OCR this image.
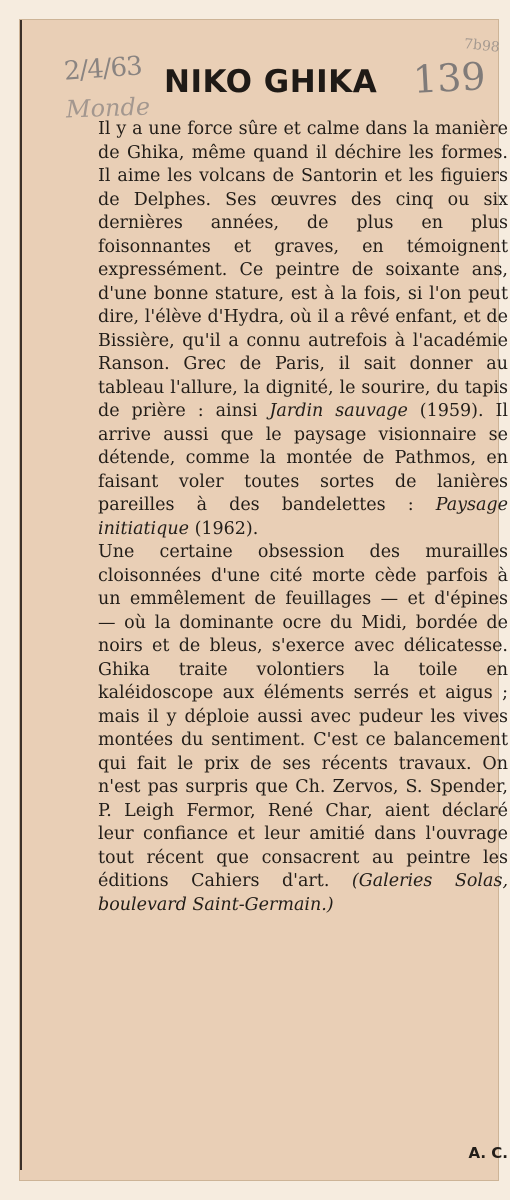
2/4/63
Monde
139
7b98
NIKO GHIKA

Il y a une force sûre et calme dans la manière de Ghika, même quand il déchire les formes. Il aime les volcans de Santorin et les figuiers de Delphes. Ses œuvres des cinq ou six dernières années, de plus en plus foisonnantes et graves, en témoignent expressément. Ce peintre de soixante ans, d'une bonne stature, est à la fois, si l'on peut dire, l'élève d'Hydra, où il a rêvé enfant, et de Bissière, qu'il a connu autrefois à l'académie Ranson. Grec de Paris, il sait donner au tableau l'allure, la dignité, le sourire, du tapis de prière : ainsi Jardin sauvage (1959). Il arrive aussi que le paysage visionnaire se détende, comme la montée de Pathmos, en faisant voler toutes sortes de lanières pareilles à des bandelettes : Paysage initiatique (1962).

Une certaine obsession des murailles cloisonnées d'une cité morte cède parfois à un emmêlement de feuillages — et d'épines — où la dominante ocre du Midi, bordée de noirs et de bleus, s'exerce avec délicatesse. Ghika traite volontiers la toile en kaléidoscope aux éléments serrés et aigus ; mais il y déploie aussi avec pudeur les vives montées du sentiment. C'est ce balancement qui fait le prix de ses récents travaux. On n'est pas surpris que Ch. Zervos, S. Spender, P. Leigh Fermor, René Char, aient déclaré leur confiance et leur amitié dans l'ouvrage tout récent que consacrent au peintre les éditions Cahiers d'art. (Galeries Solas, boulevard Saint-Germain.)

A. C.
